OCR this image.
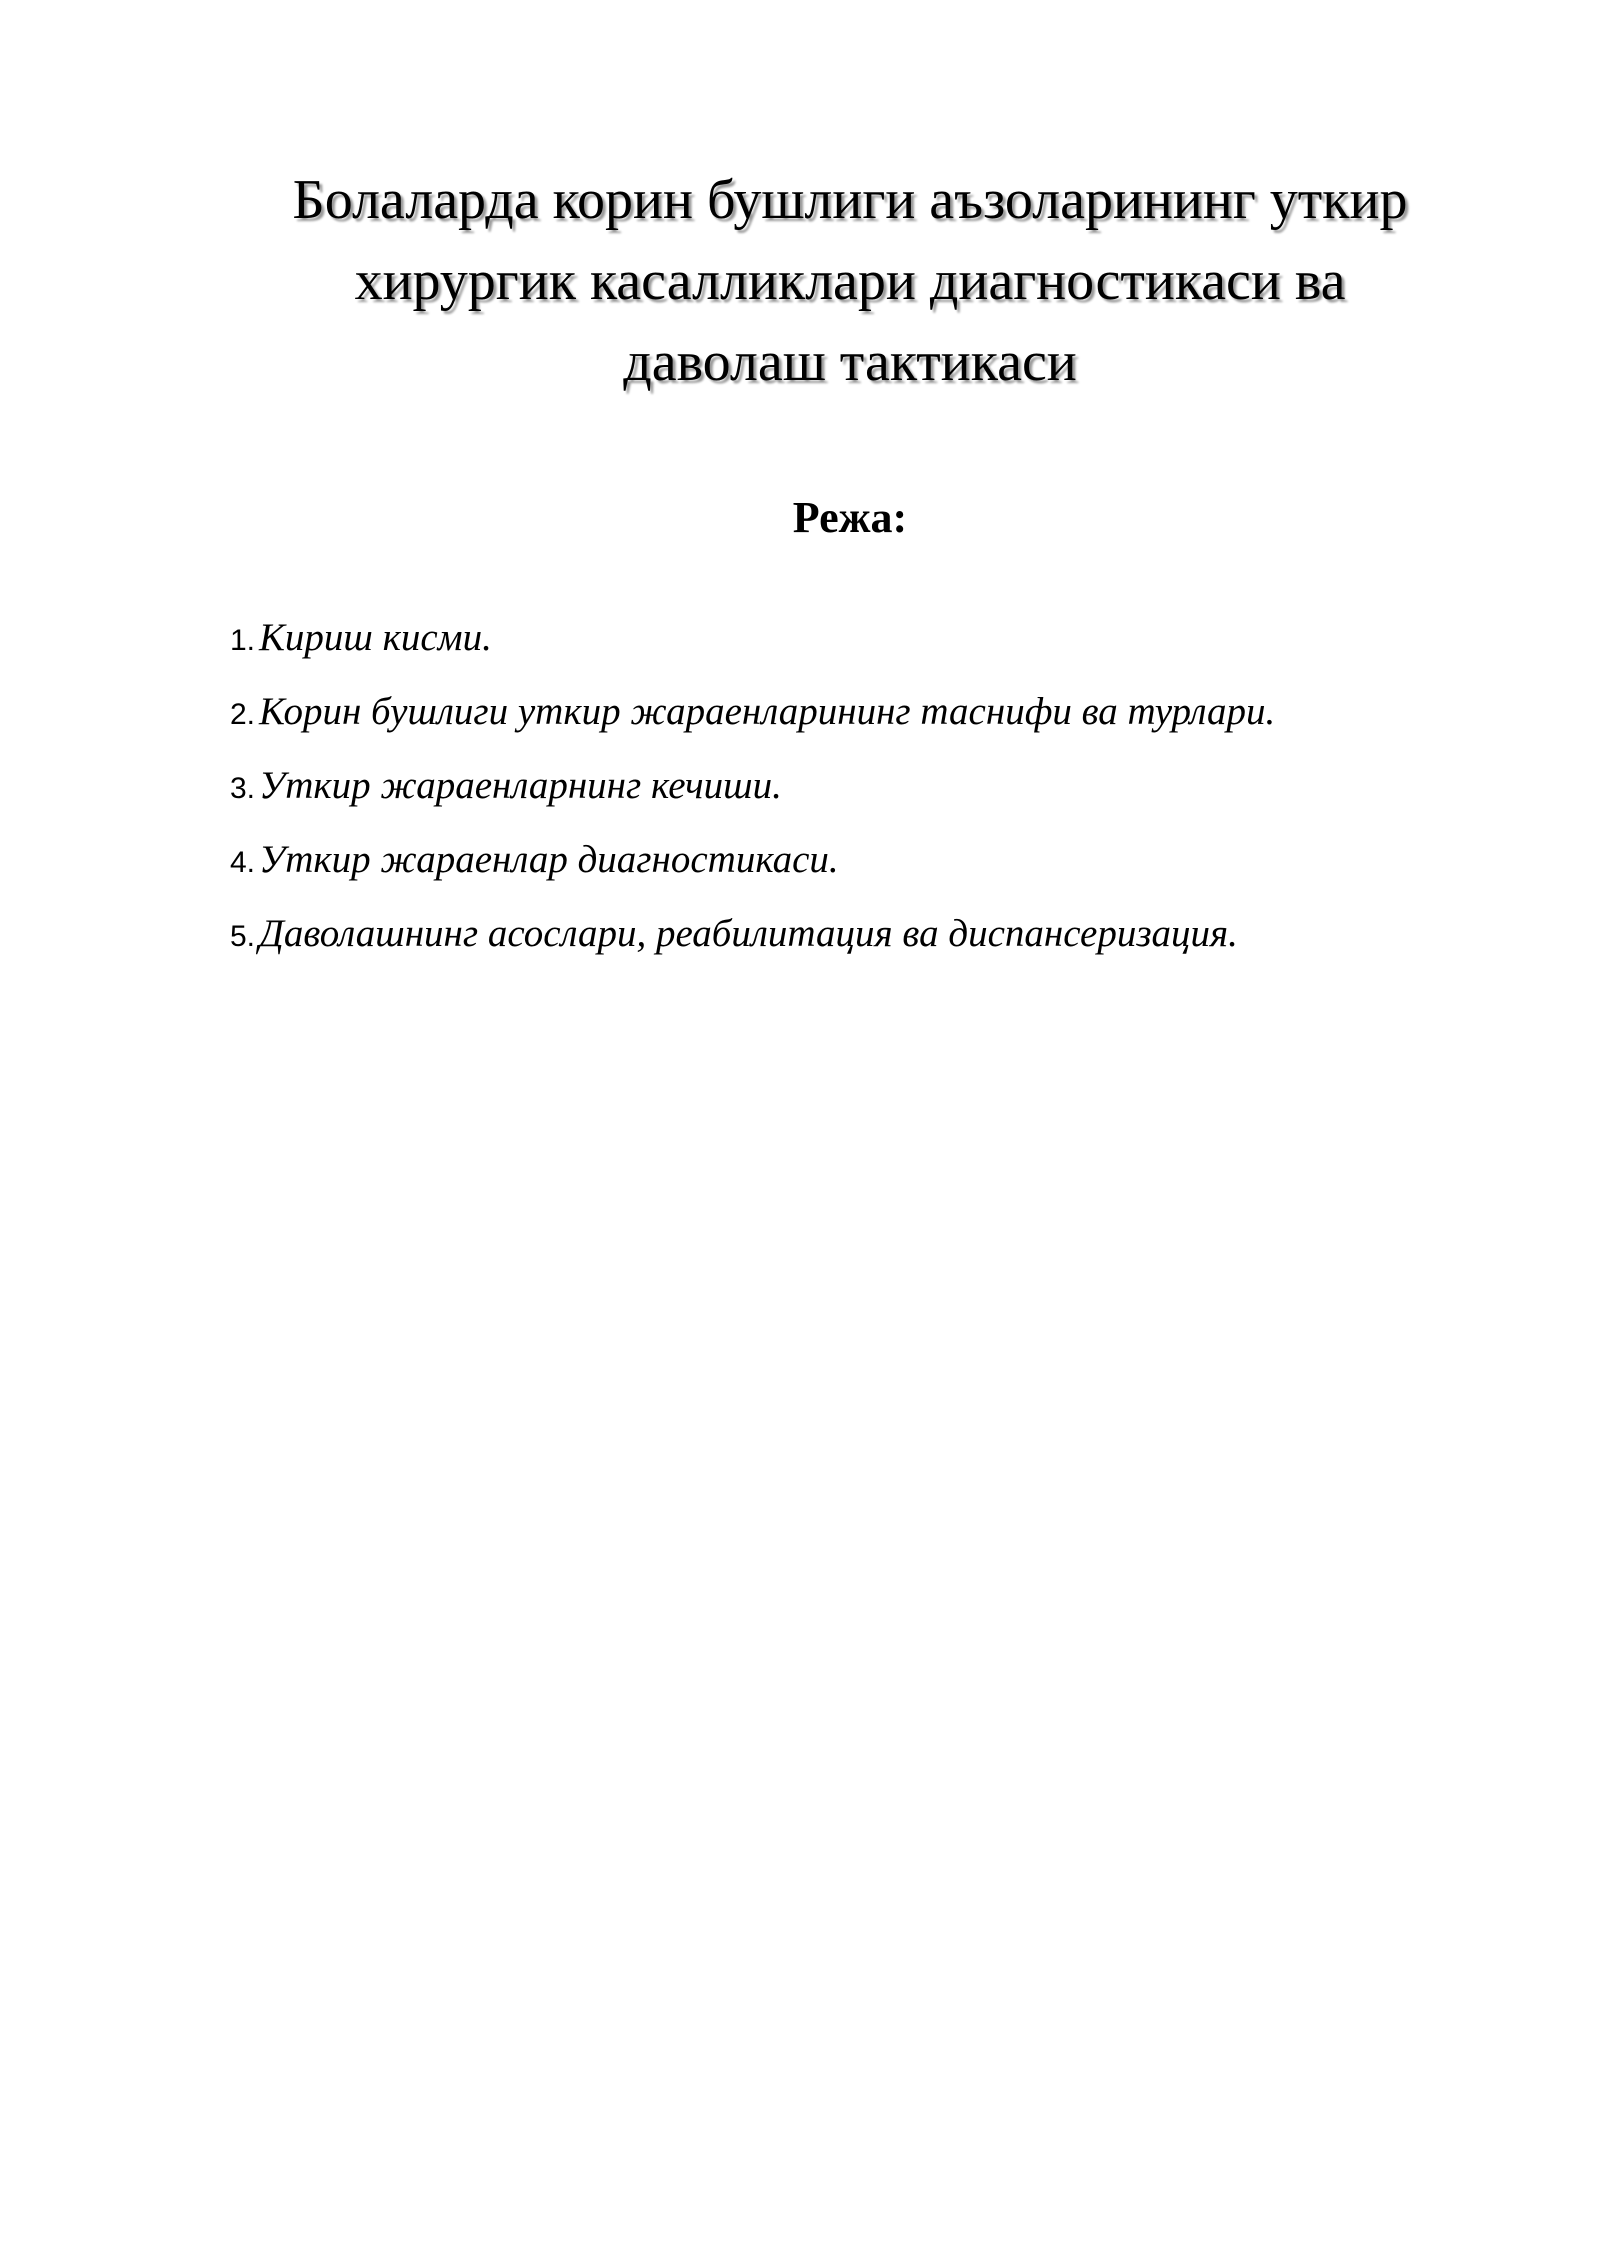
Болаларда корин бушлиги аъзоларининг уткир
хирургик касалликлари диагностикаси ва
даволаш тактикаси
Режа:
1. Кириш кисми.
2. Корин бушлиги уткир жараенларининг таснифи ва турлари.
3. Уткир жараенларнинг кечиши.
4. Уткир жараенлар диагностикаси.
5. Даволашнинг асослари, реабилитация ва диспансеризация.
